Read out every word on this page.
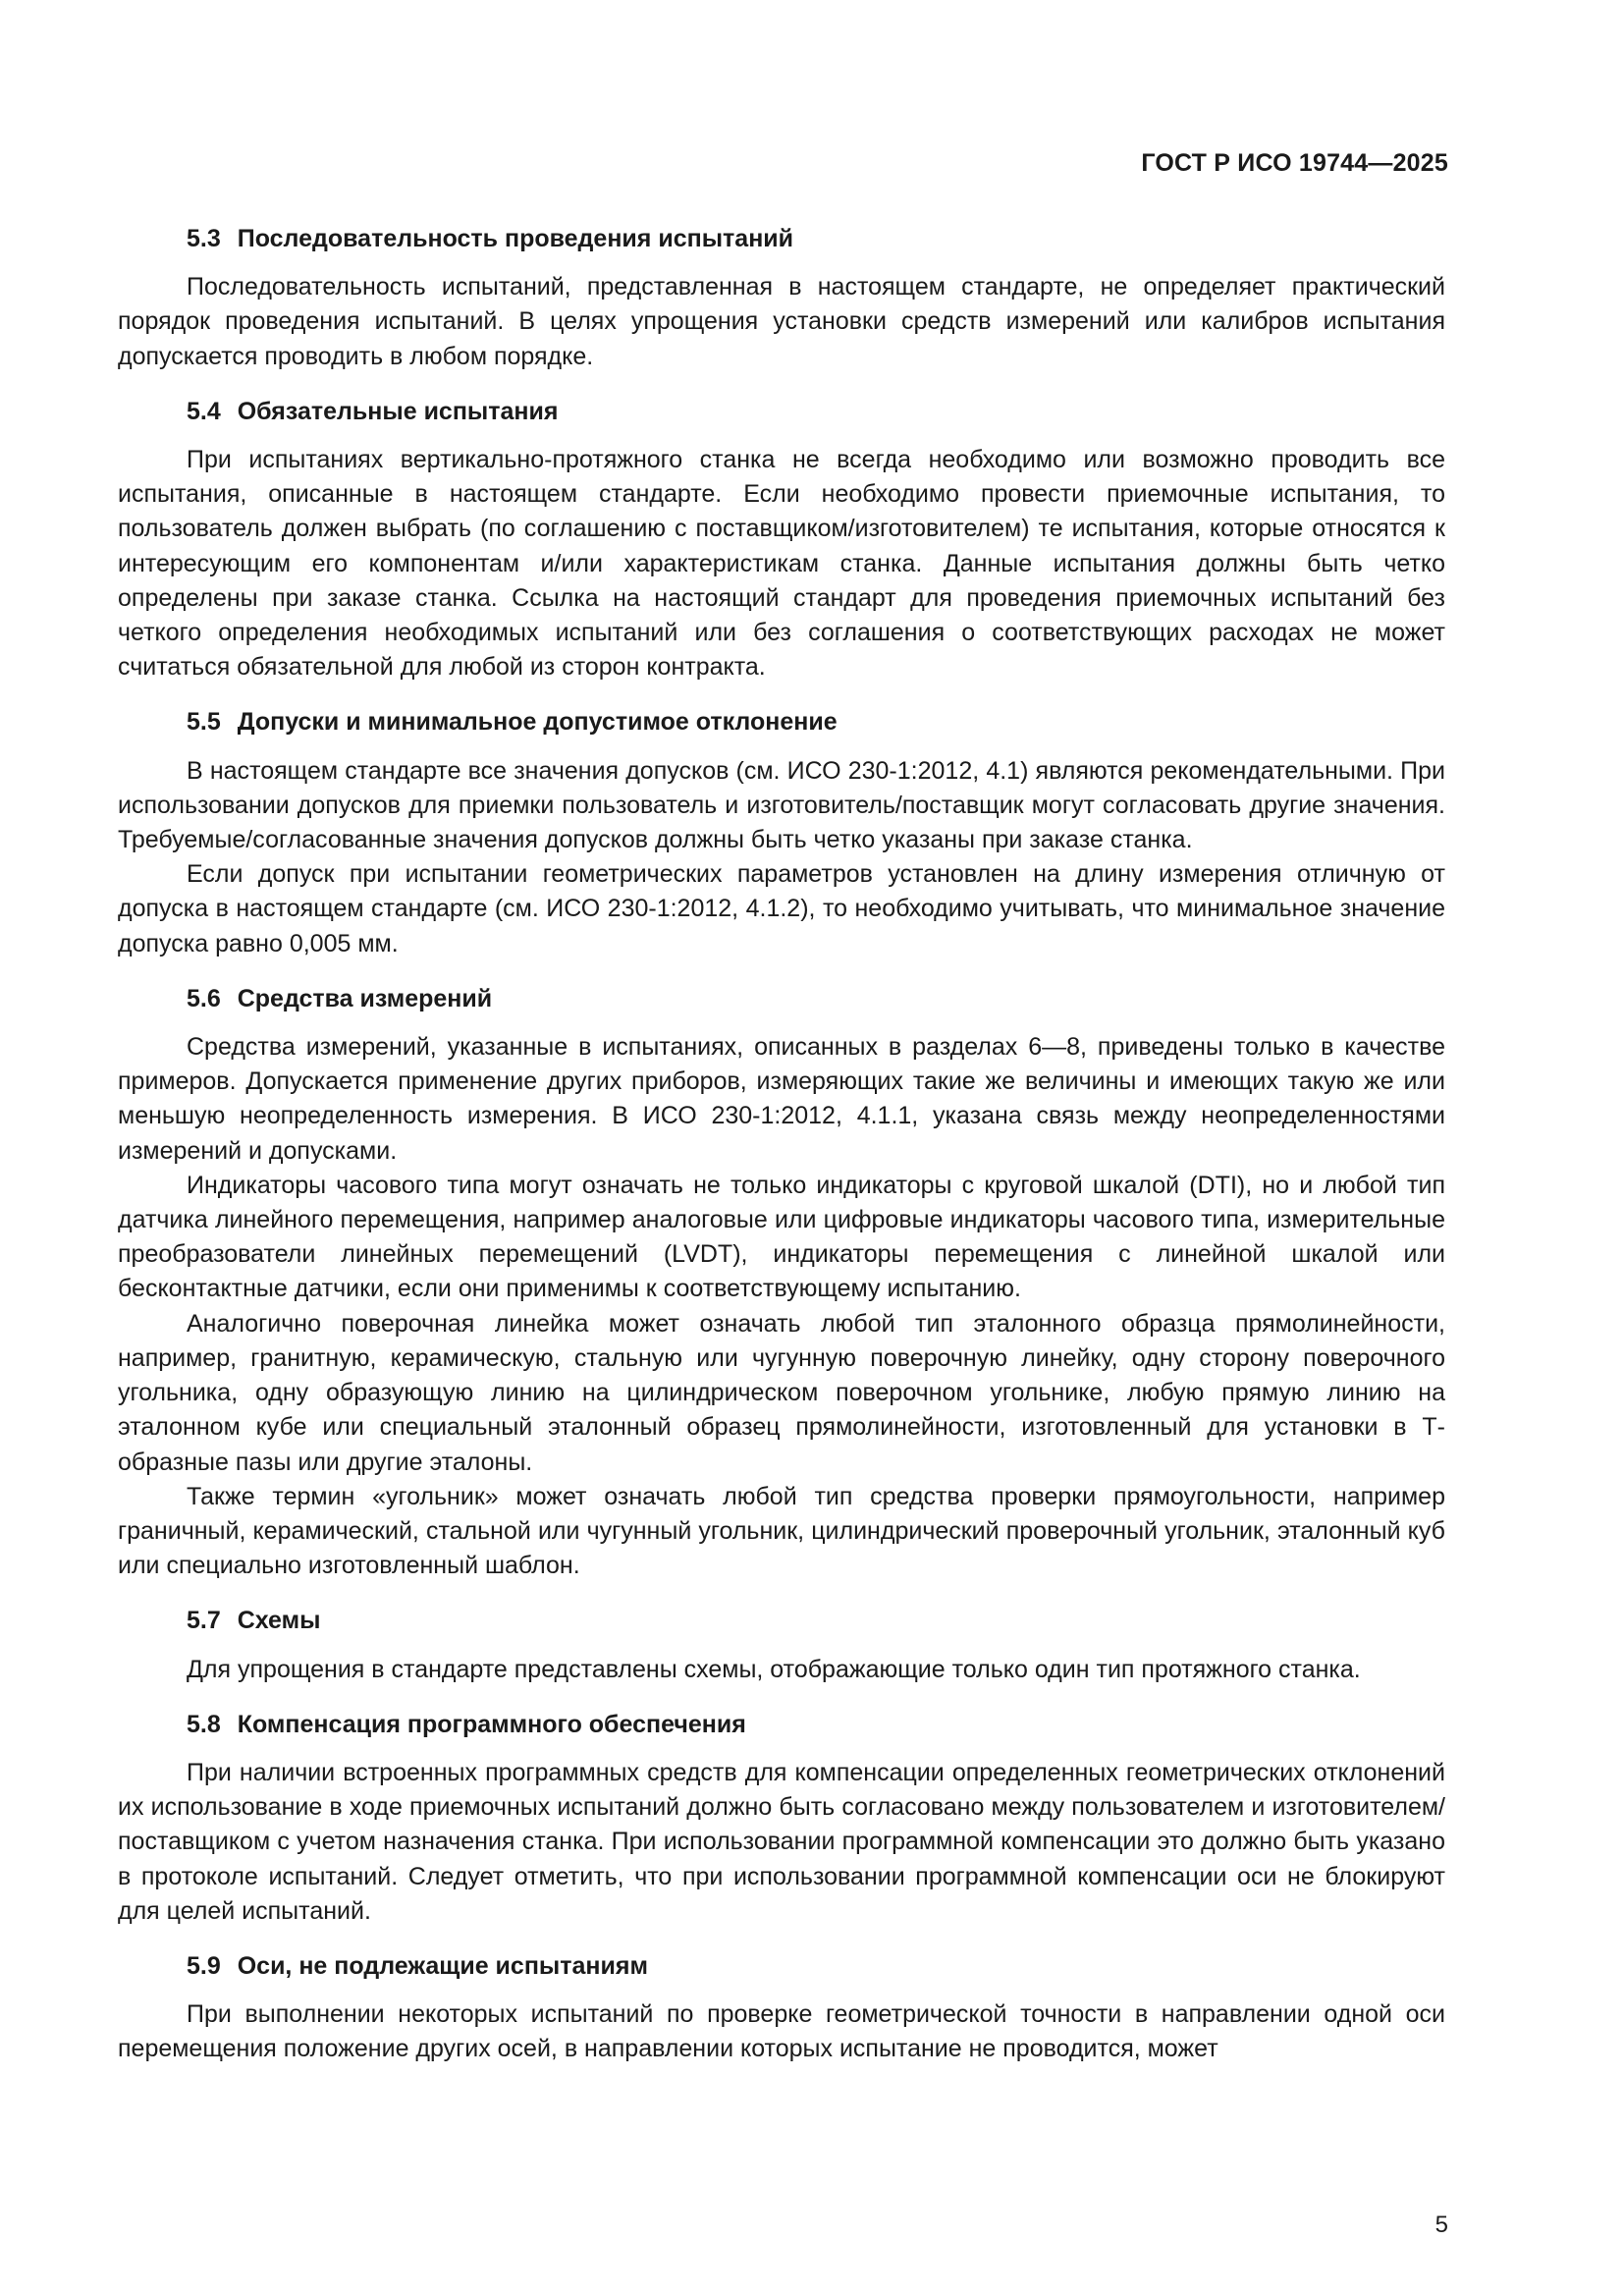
ГОСТ Р ИСО 19744—2025
5.3 Последовательность проведения испытаний

Последовательность испытаний, представленная в настоящем стандарте, не определяет практический порядок проведения испытаний. В целях упрощения установки средств измерений или калибров испытания допускается проводить в любом порядке.

5.4 Обязательные испытания

При испытаниях вертикально-протяжного станка не всегда необходимо или возможно проводить все испытания, описанные в настоящем стандарте. Если необходимо провести приемочные испытания, то пользователь должен выбрать (по соглашению с поставщиком/изготовителем) те испытания, которые относятся к интересующим его компонентам и/или характеристикам станка. Данные испытания должны быть четко определены при заказе станка. Ссылка на настоящий стандарт для проведения приемочных испытаний без четкого определения необходимых испытаний или без соглашения о соответствующих расходах не может считаться обязательной для любой из сторон контракта.

5.5 Допуски и минимальное допустимое отклонение

В настоящем стандарте все значения допусков (см. ИСО 230-1:2012, 4.1) являются рекомендательными. При использовании допусков для приемки пользователь и изготовитель/поставщик могут согласовать другие значения. Требуемые/согласованные значения допусков должны быть четко указаны при заказе станка.

Если допуск при испытании геометрических параметров установлен на длину измерения отличную от допуска в настоящем стандарте (см. ИСО 230-1:2012, 4.1.2), то необходимо учитывать, что минимальное значение допуска равно 0,005 мм.

5.6 Средства измерений

Средства измерений, указанные в испытаниях, описанных в разделах 6—8, приведены только в качестве примеров. Допускается применение других приборов, измеряющих такие же величины и имеющих такую же или меньшую неопределенность измерения. В ИСО 230-1:2012, 4.1.1, указана связь между неопределенностями измерений и допусками.

Индикаторы часового типа могут означать не только индикаторы с круговой шкалой (DTI), но и любой тип датчика линейного перемещения, например аналоговые или цифровые индикаторы часового типа, измерительные преобразователи линейных перемещений (LVDT), индикаторы перемещения с линейной шкалой или бесконтактные датчики, если они применимы к соответствующему испытанию.

Аналогично поверочная линейка может означать любой тип эталонного образца прямолинейности, например, гранитную, керамическую, стальную или чугунную поверочную линейку, одну сторону поверочного угольника, одну образующую линию на цилиндрическом поверочном угольнике, любую прямую линию на эталонном кубе или специальный эталонный образец прямолинейности, изготовленный для установки в Т-образные пазы или другие эталоны.

Также термин «угольник» может означать любой тип средства проверки прямоугольности, например граничный, керамический, стальной или чугунный угольник, цилиндрический проверочный угольник, эталонный куб или специально изготовленный шаблон.

5.7 Схемы

Для упрощения в стандарте представлены схемы, отображающие только один тип протяжного станка.

5.8 Компенсация программного обеспечения

При наличии встроенных программных средств для компенсации определенных геометрических отклонений их использование в ходе приемочных испытаний должно быть согласовано между пользователем и изготовителем/поставщиком с учетом назначения станка. При использовании программной компенсации это должно быть указано в протоколе испытаний. Следует отметить, что при использовании программной компенсации оси не блокируют для целей испытаний.

5.9 Оси, не подлежащие испытаниям

При выполнении некоторых испытаний по проверке геометрической точности в направлении одной оси перемещения положение других осей, в направлении которых испытание не проводится, может

5
